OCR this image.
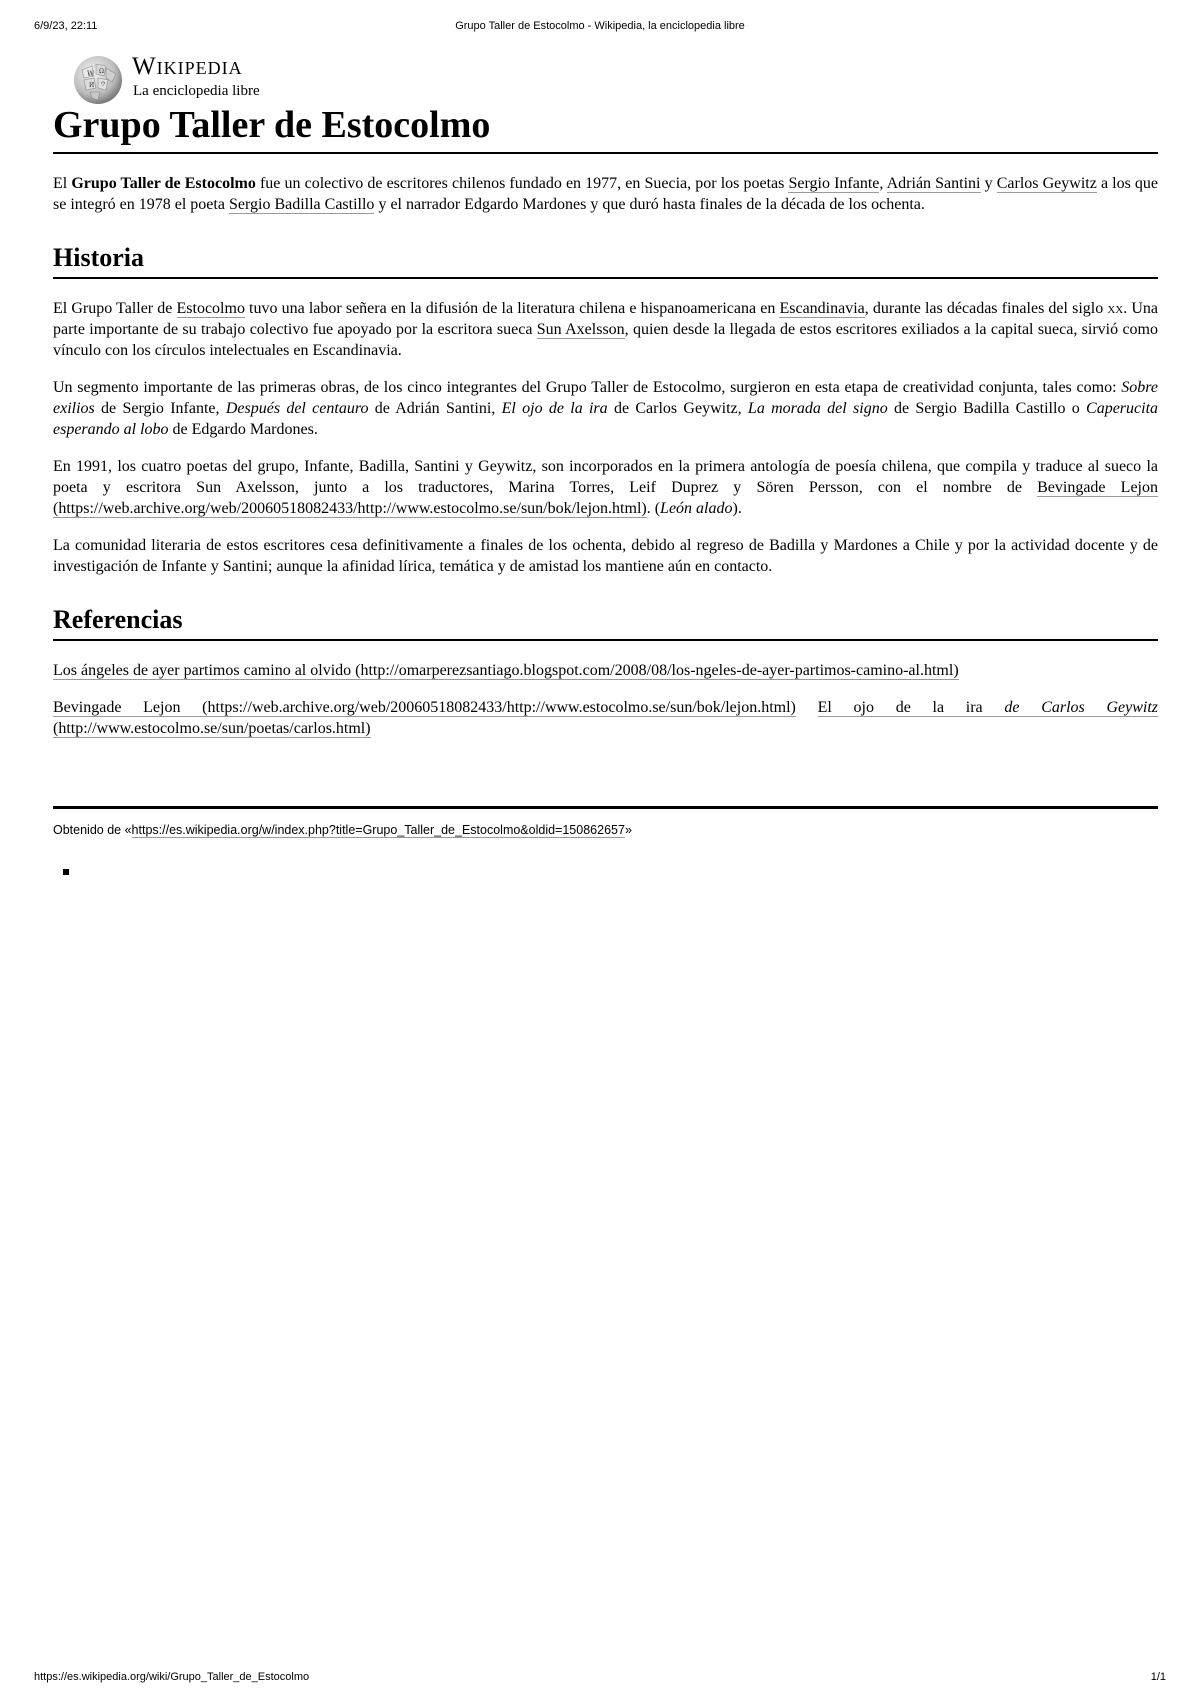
6/9/23, 22:11	Grupo Taller de Estocolmo - Wikipedia, la enciclopedia libre
W Ω
И ウ
Wikipedia
La enciclopedia libre
Grupo Taller de Estocolmo

El Grupo Taller de Estocolmo fue un colectivo de escritores chilenos fundado en 1977, en Suecia, por los poetas Sergio Infante, Adrián Santini y Carlos Geywitz a los que se integró en 1978 el poeta Sergio Badilla Castillo y el narrador Edgardo Mardones y que duró hasta finales de la década de los ochenta.

Historia

El Grupo Taller de Estocolmo tuvo una labor señera en la difusión de la literatura chilena e hispanoamericana en Escandinavia, durante las décadas finales del siglo xx. Una parte importante de su trabajo colectivo fue apoyado por la escritora sueca Sun Axelsson, quien desde la llegada de estos escritores exiliados a la capital sueca, sirvió como vínculo con los círculos intelectuales en Escandinavia.

Un segmento importante de las primeras obras, de los cinco integrantes del Grupo Taller de Estocolmo, surgieron en esta etapa de creatividad conjunta, tales como: Sobre exilios de Sergio Infante, Después del centauro de Adrián Santini, El ojo de la ira de Carlos Geywitz, La morada del signo de Sergio Badilla Castillo o Caperucita esperando al lobo de Edgardo Mardones.

En 1991, los cuatro poetas del grupo, Infante, Badilla, Santini y Geywitz, son incorporados en la primera antología de poesía chilena, que compila y traduce al sueco la poeta y escritora Sun Axelsson, junto a los traductores, Marina Torres, Leif Duprez y Sören Persson, con el nombre de Bevingade Lejon (https://web.archive.org/web/20060518082433/http://www.estocolmo.se/sun/bok/lejon.html). (León alado).

La comunidad literaria de estos escritores cesa definitivamente a finales de los ochenta, debido al regreso de Badilla y Mardones a Chile y por la actividad docente y de investigación de Infante y Santini; aunque la afinidad lírica, temática y de amistad los mantiene aún en contacto.

Referencias

Los ángeles de ayer partimos camino al olvido (http://omarperezsantiago.blogspot.com/2008/08/los-ngeles-de-ayer-partimos-camino-al.html)

Bevingade Lejon (https://web.archive.org/web/20060518082433/http://www.estocolmo.se/sun/bok/lejon.html) El ojo de la ira de Carlos Geywitz (http://www.estocolmo.se/sun/poetas/carlos.html)

Obtenido de «https://es.wikipedia.org/w/index.php?title=Grupo_Taller_de_Estocolmo&oldid=150862657»
https://es.wikipedia.org/wiki/Grupo_Taller_de_Estocolmo	1/1
